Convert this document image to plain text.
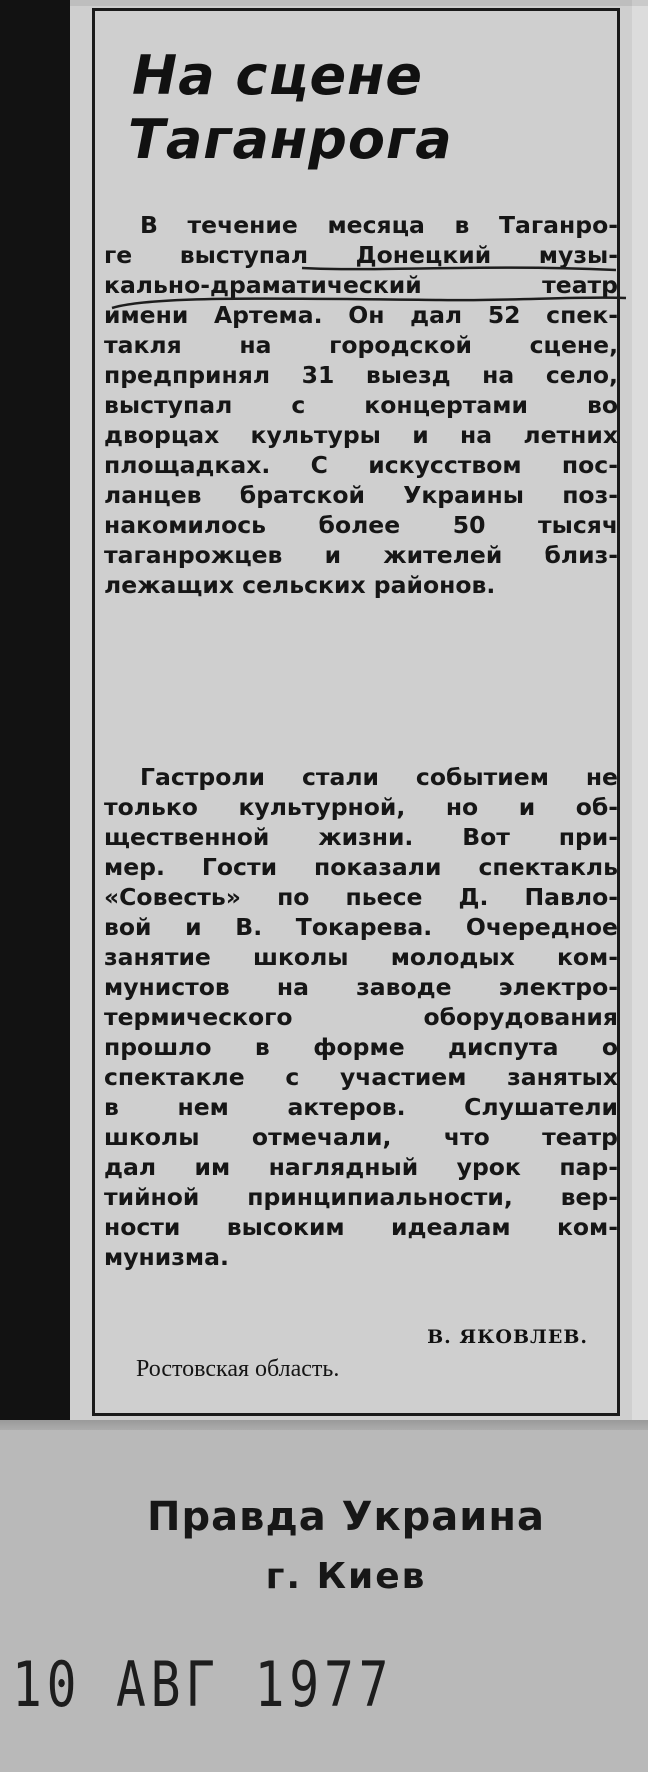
На сцене
Таганрога
В течение месяца в Таганро-
ге выступал Донецкий музы-
кально-драматический театр
имени Артема. Он дал 52 спек-
такля на городской сцене,
предпринял 31 выезд на село,
выступал с концертами во
дворцах культуры и на летних
площадках. С искусством пос-
ланцев братской Украины поз-
накомилось более 50 тысяч
таганрожцев и жителей близ-
лежащих сельских районов.
Гастроли стали событием не
только культурной, но и об-
щественной жизни. Вот при-
мер. Гости показали спектакль
«Совесть» по пьесе Д. Павло-
вой и В. Токарева. Очередное
занятие школы молодых ком-
мунистов на заводе электро-
термического оборудования
прошло в форме диспута о
спектакле с участием занятых
в нем актеров. Слушатели
школы отмечали, что театр
дал им наглядный урок пар-
тийной принципиальности, вер-
ности высоким идеалам ком-
мунизма.
В. ЯКОВЛЕВ.
Ростовская область.
Правда Украина
г. Киев
10 АВГ 1977
